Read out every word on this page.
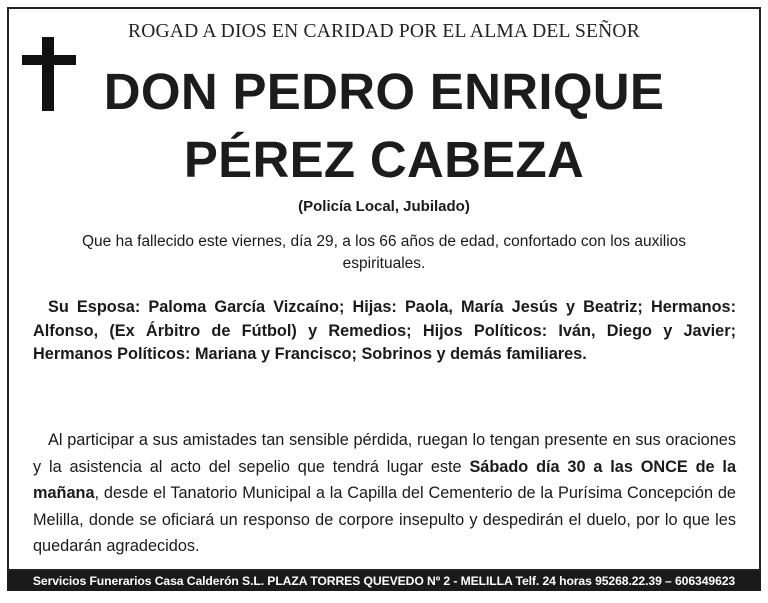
ROGAD A DIOS EN CARIDAD POR EL ALMA DEL SEÑOR
DON PEDRO ENRIQUE
PÉREZ CABEZA
(Policía Local, Jubilado)
Que ha fallecido este viernes, día 29, a los 66 años de edad, confortado con los auxilios espirituales.
Su Esposa: Paloma García Vizcaíno; Hijas: Paola, María Jesús y Beatriz; Hermanos: Alfonso, (Ex Árbitro de Fútbol) y Remedios; Hijos Políticos: Iván, Diego y Javier; Hermanos Políticos: Mariana y Francisco; Sobrinos y demás familiares.
Al participar a sus amistades tan sensible pérdida, ruegan lo tengan presente en sus oraciones y la asistencia al acto del sepelio que tendrá lugar este Sábado día 30 a las ONCE de la mañana, desde el Tanatorio Municipal a la Capilla del Cementerio de la Purísima Concepción de Melilla, donde se oficiará un responso de corpore insepulto y despedirán el duelo, por lo que les quedarán agradecidos.
Servicios Funerarios Casa Calderón S.L. PLAZA TORRES QUEVEDO Nº 2 - MELILLA Telf. 24 horas 95268.22.39 – 606349623
